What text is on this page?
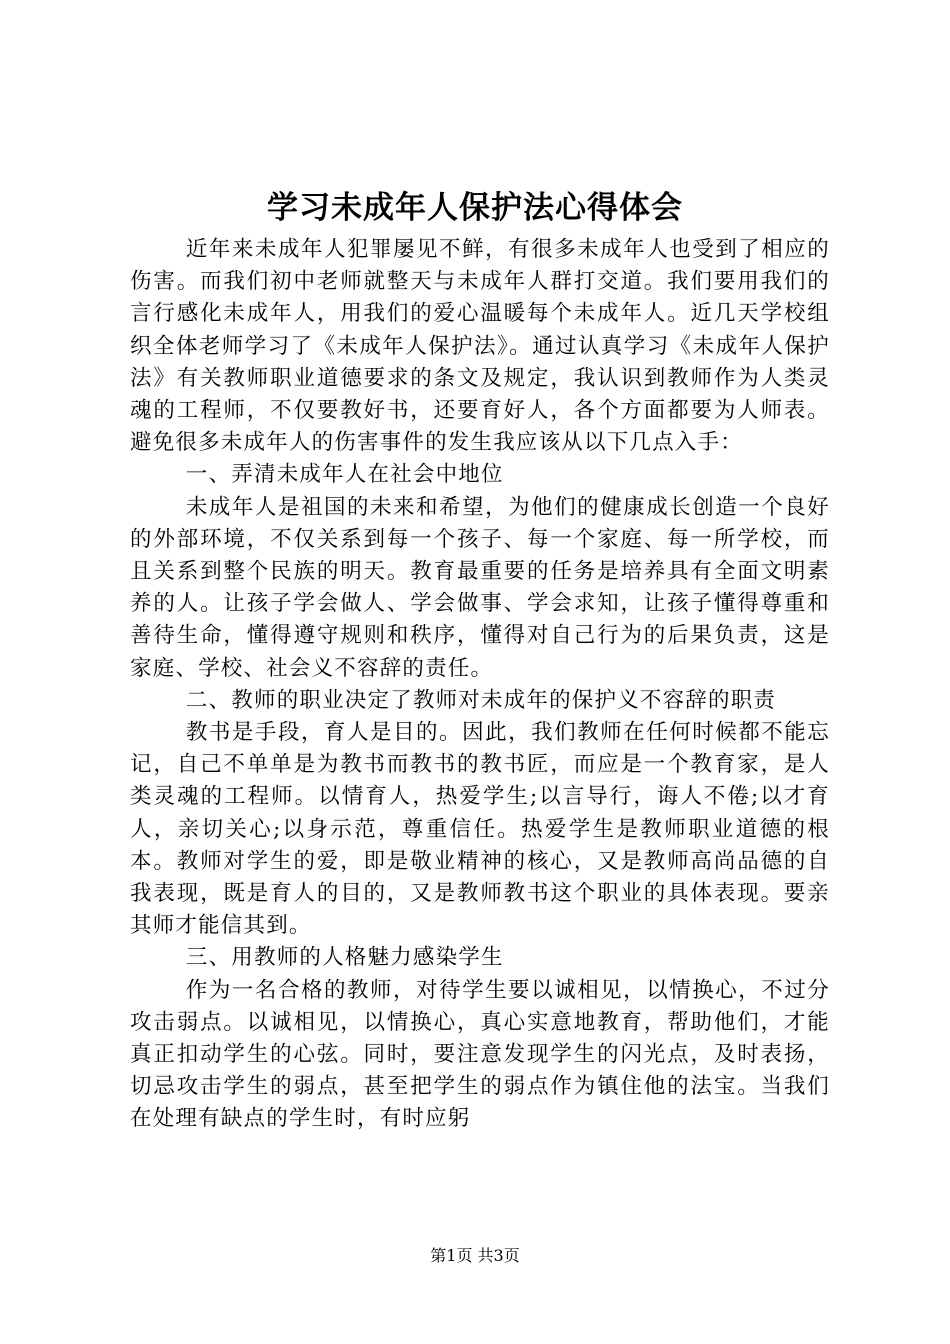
学习未成年人保护法心得体会

近年来未成年人犯罪屡见不鲜，有很多未成年人也受到了相应的伤害。而我们初中老师就整天与未成年人群打交道。我们要用我们的言行感化未成年人，用我们的爱心温暖每个未成年人。近几天学校组织全体老师学习了《未成年人保护法》。通过认真学习《未成年人保护法》有关教师职业道德要求的条文及规定，我认识到教师作为人类灵魂的工程师，不仅要教好书，还要育好人，各个方面都要为人师表。避免很多未成年人的伤害事件的发生我应该从以下几点入手：

一、弄清未成年人在社会中地位

未成年人是祖国的未来和希望，为他们的健康成长创造一个良好的外部环境，不仅关系到每一个孩子、每一个家庭、每一所学校，而且关系到整个民族的明天。教育最重要的任务是培养具有全面文明素养的人。让孩子学会做人、学会做事、学会求知，让孩子懂得尊重和善待生命，懂得遵守规则和秩序，懂得对自己行为的后果负责，这是家庭、学校、社会义不容辞的责任。

二、教师的职业决定了教师对未成年的保护义不容辞的职责

教书是手段，育人是目的。因此，我们教师在任何时候都不能忘记，自己不单单是为教书而教书的教书匠，而应是一个教育家，是人类灵魂的工程师。以情育人，热爱学生;以言导行，诲人不倦;以才育人，亲切关心;以身示范，尊重信任。热爱学生是教师职业道德的根本。教师对学生的爱，即是敬业精神的核心，又是教师高尚品德的自我表现，既是育人的目的，又是教师教书这个职业的具体表现。要亲其师才能信其到。

三、用教师的人格魅力感染学生

作为一名合格的教师，对待学生要以诚相见，以情换心，不过分攻击弱点。以诚相见，以情换心，真心实意地教育，帮助他们，才能真正扣动学生的心弦。同时，要注意发现学生的闪光点，及时表扬，切忌攻击学生的弱点，甚至把学生的弱点作为镇住他的法宝。当我们在处理有缺点的学生时，有时应躬

第1页 共3页
